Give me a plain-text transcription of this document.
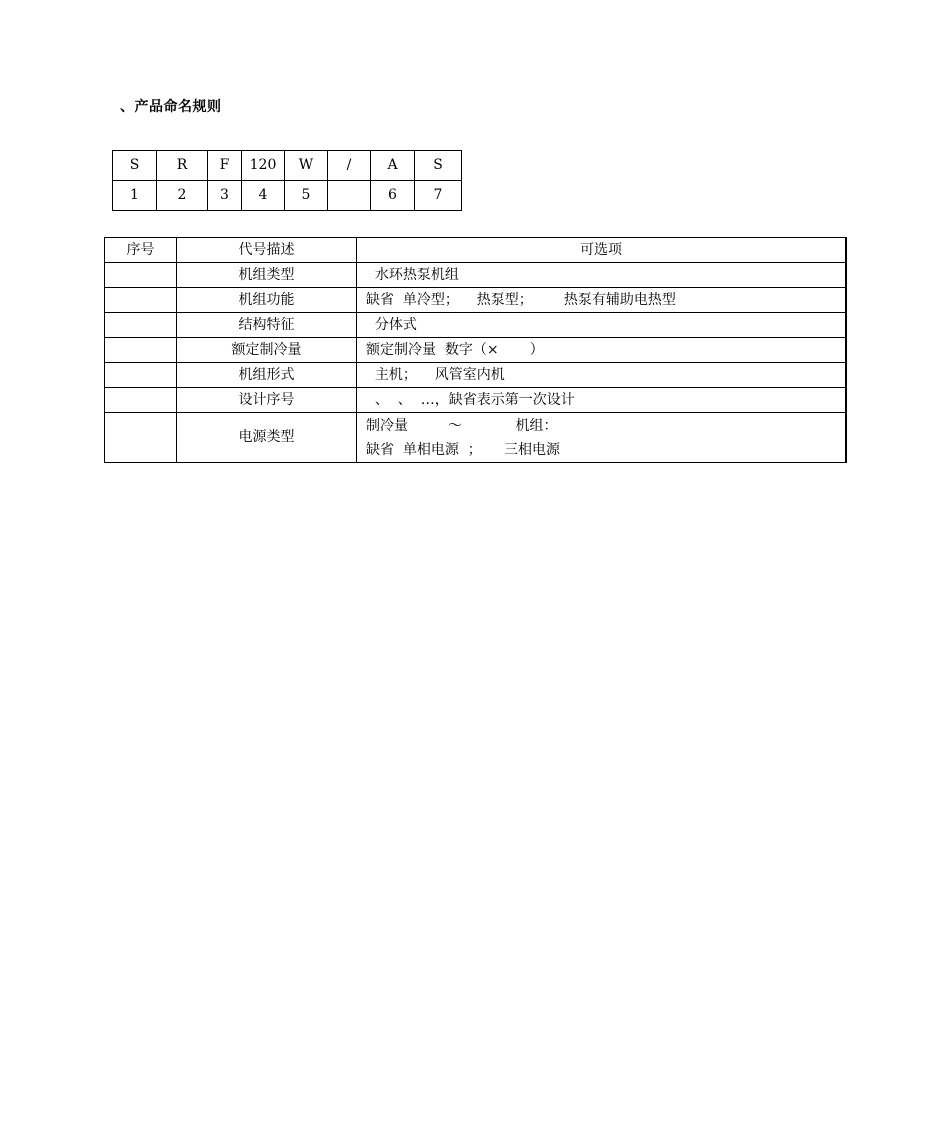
、产品命名规则
S	R	F	120	W	/	A	S
1	2	3	4	5		6	7
序号	代号描述	可选项
	机组类型	水环热泵机组

	机组功能	缺省  单冷型；    热泵型；       热泵有辅助电热型

	结构特征	分体式

	额定制冷量	额定制冷量  数字（×       ）

	机组形式	主机；    风管室内机

	设计序号	、  、  …，缺省表示第一次设计

	电源类型	制冷量         ～            机组：
缺省  单相电源  ；     三相电源
